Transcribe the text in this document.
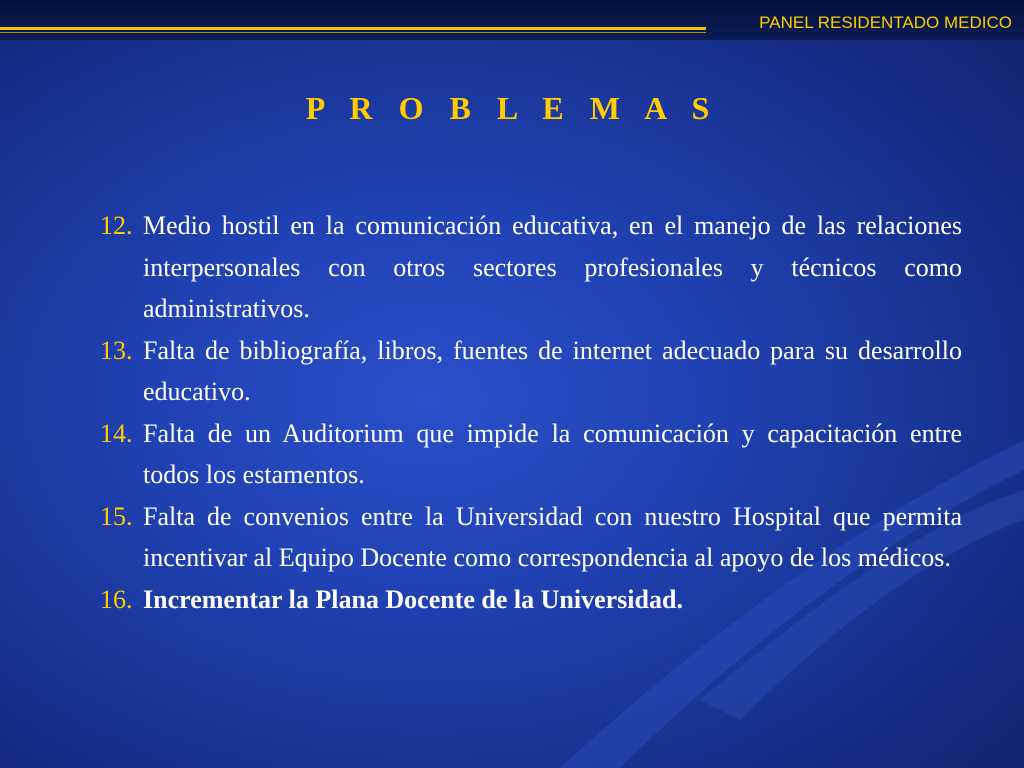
PANEL RESIDENTADO MEDICO
P R O B L E M A S
12. Medio hostil en la comunicación educativa, en el manejo de las relaciones interpersonales con otros sectores profesionales y técnicos como administrativos.
13. Falta de bibliografía, libros, fuentes de internet adecuado para su desarrollo educativo.
14. Falta de un Auditorium que impide la comunicación y capacitación entre todos los estamentos.
15. Falta de convenios entre la Universidad con nuestro Hospital que permita incentivar al Equipo Docente como correspondencia al apoyo de los médicos.
16. Incrementar la Plana Docente de la Universidad.
